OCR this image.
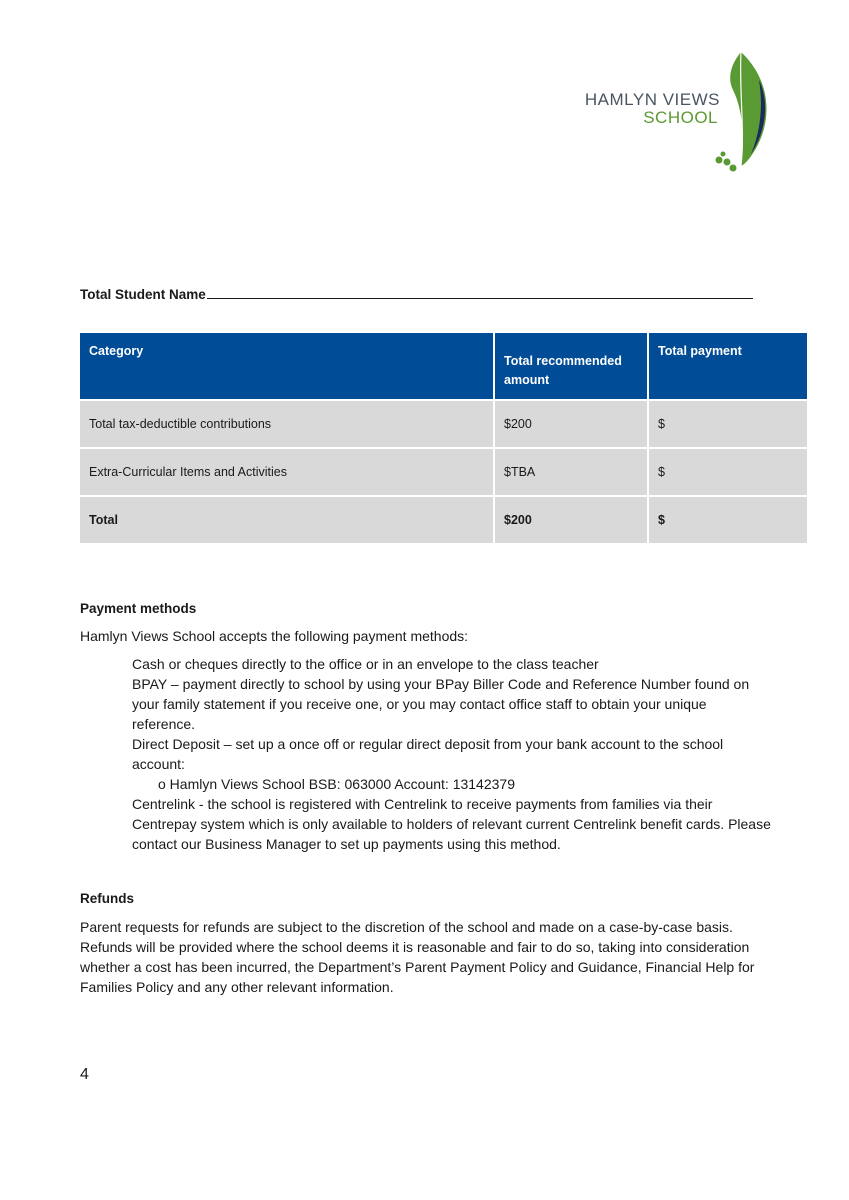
HAMLYN VIEWS
SCHOOL
Total Student Name
Category	Total recommended amount	Total payment
Total tax-deductible contributions	$200	$
Extra-Curricular Items and Activities	$TBA	$
Total	$200	$
Payment methods
Hamlyn Views School accepts the following payment methods:
Cash or cheques directly to the office or in an envelope to the class teacher
BPAY – payment directly to school by using your BPay Biller Code and Reference Number found on your family statement if you receive one, or you may contact office staff to obtain your unique reference.
Direct Deposit – set up a once off or regular direct deposit from your bank account to the school account:
o Hamlyn Views School BSB: 063000 Account: 13142379
Centrelink - the school is registered with Centrelink to receive payments from families via their Centrepay system which is only available to holders of relevant current Centrelink benefit cards. Please contact our Business Manager to set up payments using this method.
Refunds
Parent requests for refunds are subject to the discretion of the school and made on a case-by-case basis. Refunds will be provided where the school deems it is reasonable and fair to do so, taking into consideration whether a cost has been incurred, the Department’s Parent Payment Policy and Guidance, Financial Help for Families Policy and any other relevant information.
4
